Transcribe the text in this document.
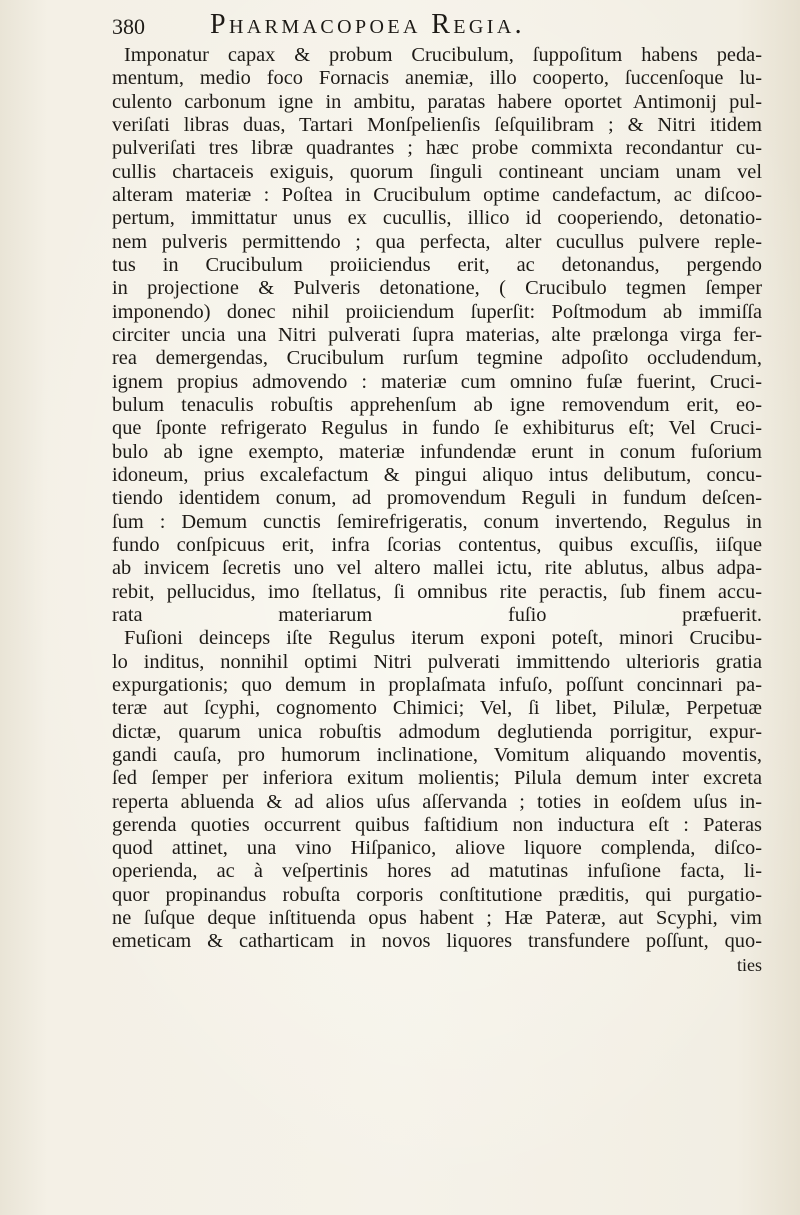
380 Pharmacopoea Regia.
Imponatur capax & probum Crucibulum, ſuppoſitum habens peda-
mentum, medio foco Fornacis anemiæ, illo cooperto, ſuccenſoque lu-
culento carbonum igne in ambitu, paratas habere oportet Antimonij pul-
veriſati libras duas, Tartari Monſpelienſis ſeſquilibram ; & Nitri itidem
pulveriſati tres libræ quadrantes ; hæc probe commixta recondantur cu-
cullis chartaceis exiguis, quorum ſinguli contineant unciam unam vel
alteram materiæ : Poſtea in Crucibulum optime candefactum, ac diſcoo-
pertum, immittatur unus ex cucullis, illico id cooperiendo, detonatio-
nem pulveris permittendo ; qua perfecta, alter cucullus pulvere reple-
tus in Crucibulum proiiciendus erit, ac detonandus, pergendo
in projectione & Pulveris detonatione, ( Crucibulo tegmen ſemper
imponendo) donec nihil proiiciendum ſuperſit: Poſtmodum ab immiſſa
circiter uncia una Nitri pulverati ſupra materias, alte prælonga virga fer-
rea demergendas, Crucibulum rurſum tegmine adpoſito occludendum,
ignem propius admovendo : materiæ cum omnino fuſæ fuerint, Cruci-
bulum tenaculis robuſtis apprehenſum ab igne removendum erit, eo-
que ſponte refrigerato Regulus in fundo ſe exhibiturus eſt; Vel Cruci-
bulo ab igne exempto, materiæ infundendæ erunt in conum fuſorium
idoneum, prius excalefactum & pingui aliquo intus delibutum, concu-
tiendo identidem conum, ad promovendum Reguli in fundum deſcen-
ſum : Demum cunctis ſemirefrigeratis, conum invertendo, Regulus in
fundo conſpicuus erit, infra ſcorias contentus, quibus excuſſis, iiſque
ab invicem ſecretis uno vel altero mallei ictu, rite ablutus, albus adpa-
rebit, pellucidus, imo ſtellatus, ſi omnibus rite peractis, ſub finem accu-
rata materiarum fuſio præfuerit.
Fuſioni deinceps iſte Regulus iterum exponi poteſt, minori Crucibu-
lo inditus, nonnihil optimi Nitri pulverati immittendo ulterioris gratia
expurgationis; quo demum in proplaſmata infuſo, poſſunt concinnari pa-
teræ aut ſcyphi, cognomento Chimici; Vel, ſi libet, Pilulæ, Perpetuæ
dictæ, quarum unica robuſtis admodum deglutienda porrigitur, expur-
gandi cauſa, pro humorum inclinatione, Vomitum aliquando moventis,
ſed ſemper per inferiora exitum molientis; Pilula demum inter excreta
reperta abluenda & ad alios uſus aſſervanda ; toties in eoſdem uſus in-
gerenda quoties occurrent quibus faſtidium non inductura eſt : Pateras
quod attinet, una vino Hiſpanico, aliove liquore complenda, diſco-
operienda, ac à veſpertinis hores ad matutinas infuſione facta, li-
quor propinandus robuſta corporis conſtitutione præditis, qui purgatio-
ne ſuſque deque inſtituenda opus habent ; Hæ Pateræ, aut Scyphi, vim
emeticam & catharticam in novos liquores transfundere poſſunt, quo-
ties
